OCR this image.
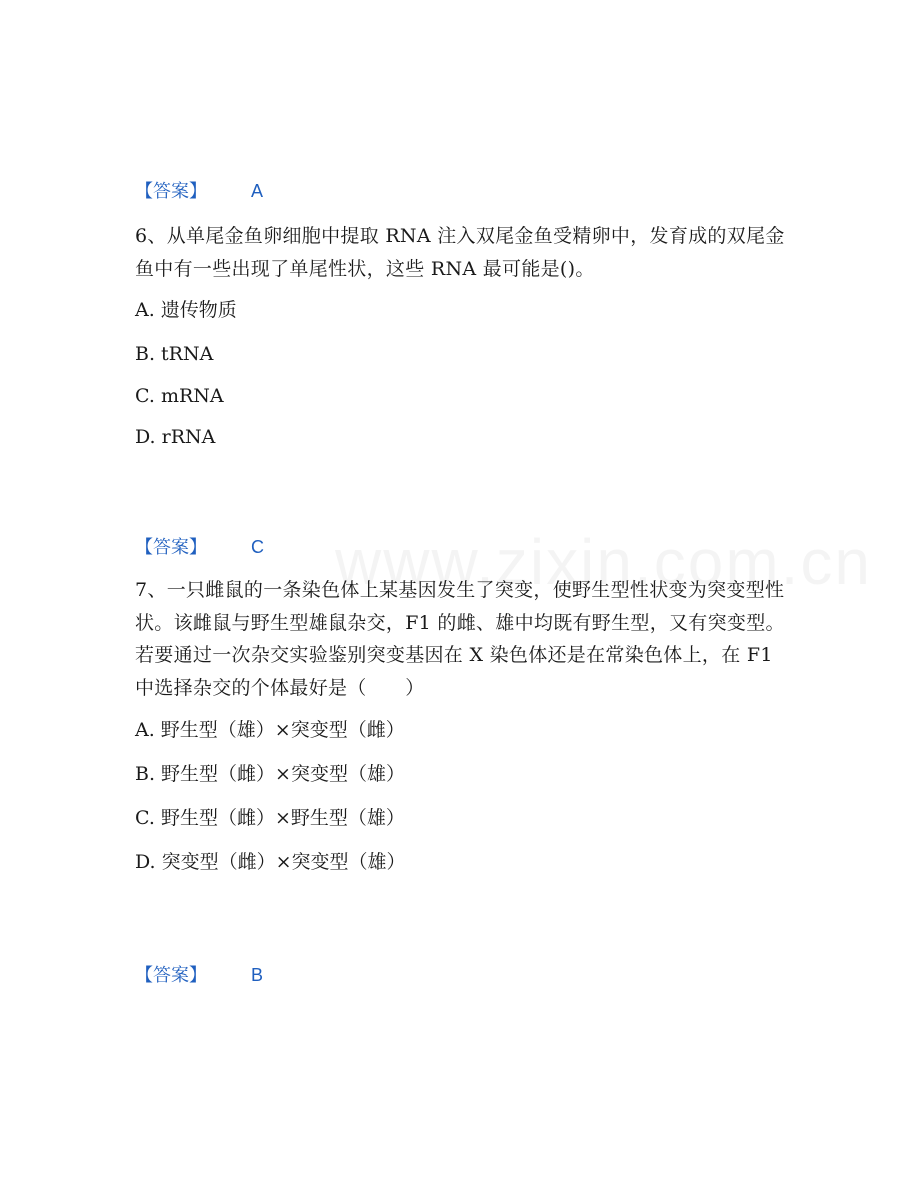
【答案】 A
6、从单尾金鱼卵细胞中提取 RNA 注入双尾金鱼受精卵中，发育成的双尾金鱼中有一些出现了单尾性状，这些 RNA 最可能是()。
A. 遗传物质
B. tRNA
C. mRNA
D. rRNA
【答案】 C
7、一只雌鼠的一条染色体上某基因发生了突变，使野生型性状变为突变型性状。该雌鼠与野生型雄鼠杂交，F1 的雌、雄中均既有野生型，又有突变型。若要通过一次杂交实验鉴别突变基因在 X 染色体还是在常染色体上，在 F1 中选择杂交的个体最好是（　　）
A. 野生型（雄）×突变型（雌）
B. 野生型（雌）×突变型（雄）
C. 野生型（雌）×野生型（雄）
D. 突变型（雌）×突变型（雄）
【答案】 B
